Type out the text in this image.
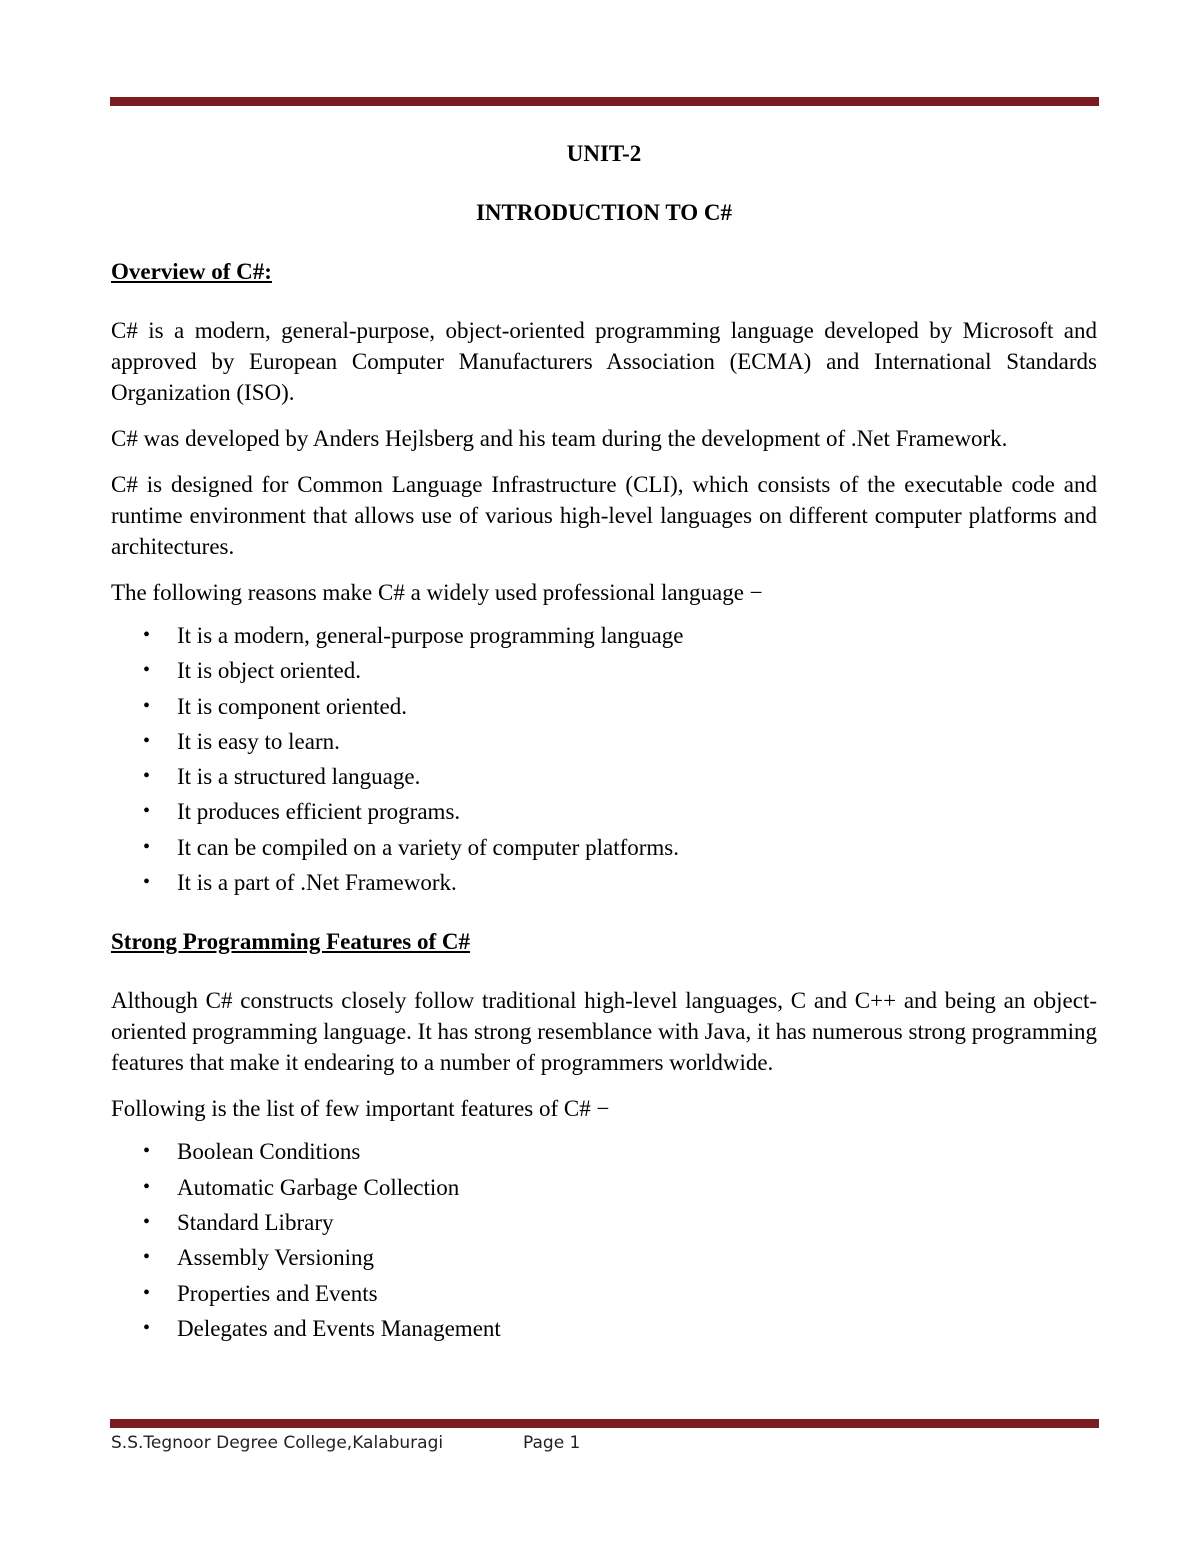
UNIT-2

INTRODUCTION TO C#

Overview of C#:

C# is a modern, general-purpose, object-oriented programming language developed by Microsoft and approved by European Computer Manufacturers Association (ECMA) and International Standards Organization (ISO).

C# was developed by Anders Hejlsberg and his team during the development of .Net Framework.

C# is designed for Common Language Infrastructure (CLI), which consists of the executable code and runtime environment that allows use of various high-level languages on different computer platforms and architectures.

The following reasons make C# a widely used professional language −

• It is a modern, general-purpose programming language
• It is object oriented.
• It is component oriented.
• It is easy to learn.
• It is a structured language.
• It produces efficient programs.
• It can be compiled on a variety of computer platforms.
• It is a part of .Net Framework.

Strong Programming Features of C#

Although C# constructs closely follow traditional high-level languages, C and C++ and being an object-oriented programming language. It has strong resemblance with Java, it has numerous strong programming features that make it endearing to a number of programmers worldwide.

Following is the list of few important features of C# −

• Boolean Conditions
• Automatic Garbage Collection
• Standard Library
• Assembly Versioning
• Properties and Events
• Delegates and Events Management
S.S.Tegnoor Degree College,Kalaburagi	Page 1
